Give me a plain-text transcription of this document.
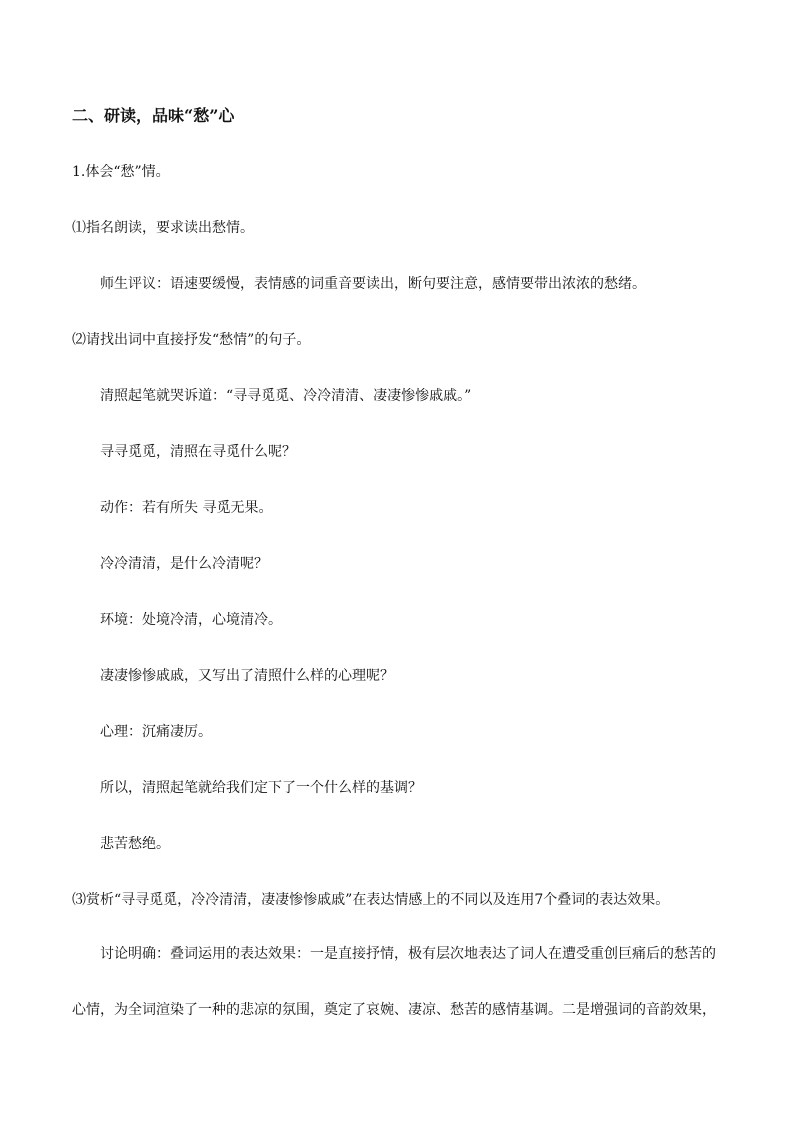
二、研读，品味“愁”心
1.体会“愁”情。
⑴指名朗读，要求读出愁情。
师生评议：语速要缓慢，表情感的词重音要读出，断句要注意，感情要带出浓浓的愁绪。
⑵请找出词中直接抒发“愁情”的句子。
清照起笔就哭诉道：“寻寻觅觅、冷冷清清、凄凄惨惨戚戚。”
寻寻觅觅，清照在寻觅什么呢？
动作：若有所失 寻觅无果。
冷冷清清，是什么冷清呢？
环境：处境冷清，心境清冷。
凄凄惨惨戚戚，又写出了清照什么样的心理呢？
心理：沉痛凄厉。
所以，清照起笔就给我们定下了一个什么样的基调？
悲苦愁绝。
⑶赏析“寻寻觅觅，冷冷清清，凄凄惨惨戚戚”在表达情感上的不同以及连用7个叠词的表达效果。
讨论明确：叠词运用的表达效果：一是直接抒情，极有层次地表达了词人在遭受重创巨痛后的愁苦的
心情，为全词渲染了一种的悲凉的氛围，奠定了哀婉、凄凉、愁苦的感情基调。二是增强词的音韵效果，
